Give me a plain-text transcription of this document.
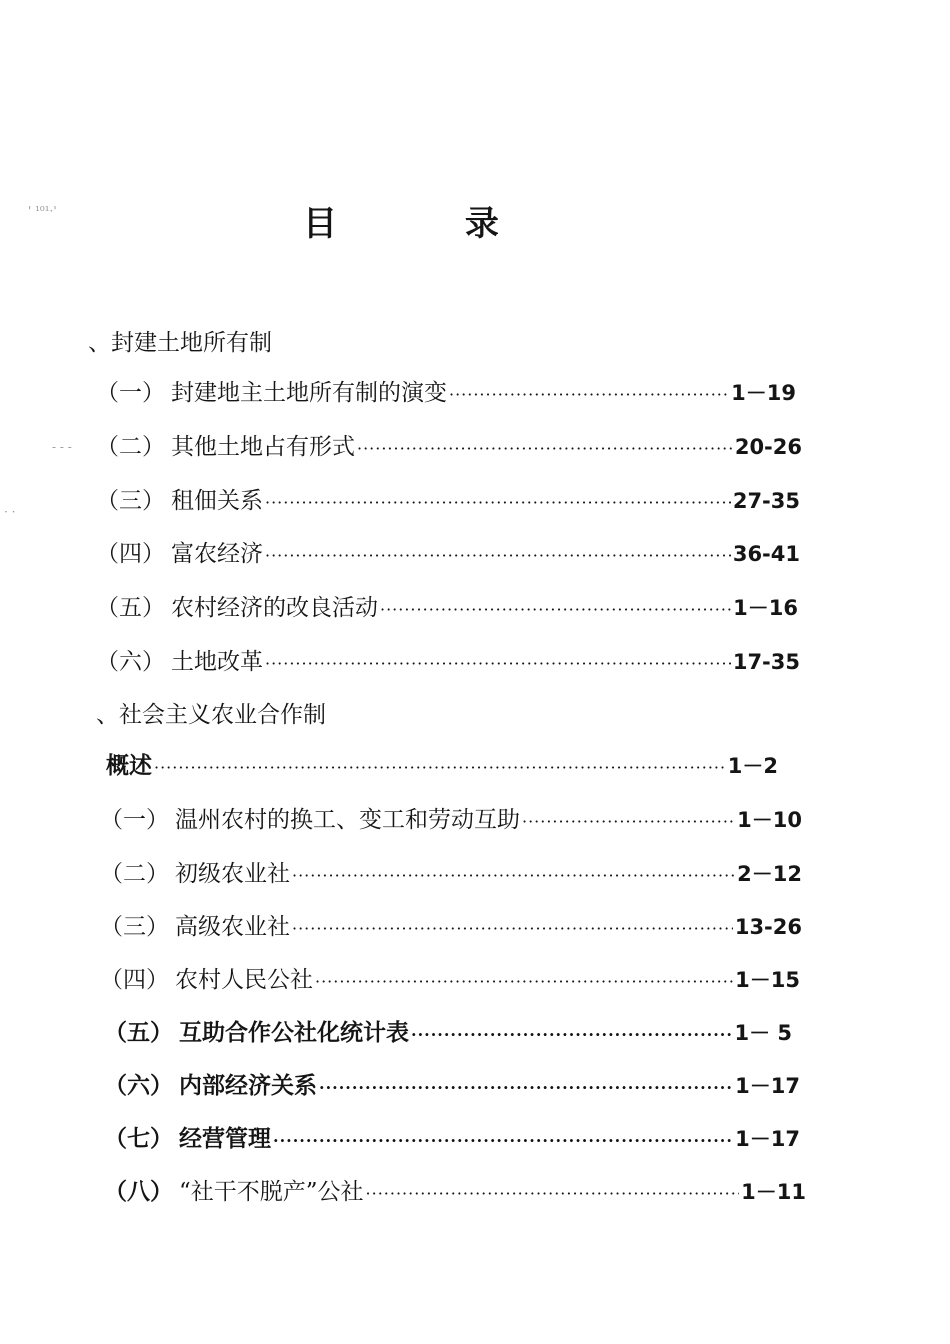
' ¹⁰¹·'
- - -
· ·
目 录
、封建土地所有制
（一） 封建地主土地所有制的演变 ·····	1－19
（二） 其他土地占有形式 ·····	20-26
（三） 租佃关系 ·····	27-35
（四） 富农经济 ·····	36-41
（五） 农村经济的改良活动 ·····	1－16
（六） 土地改革 ·····	17-35
、社会主义农业合作制
概述 ·····	1－2
（一） 温州农村的换工、变工和劳动互助 ·····	1－10
（二） 初级农业社 ·····	2－12
（三） 高级农业社 ·····	13-26
（四） 农村人民公社 ·····	1－15
（五） 互助合作公社化统计表 ·····	1－ 5
（六） 内部经济关系 ·····	1－17
（七） 经营管理 ·····	1－17
（八） “社干不脱产”公社 ·····	1－11
